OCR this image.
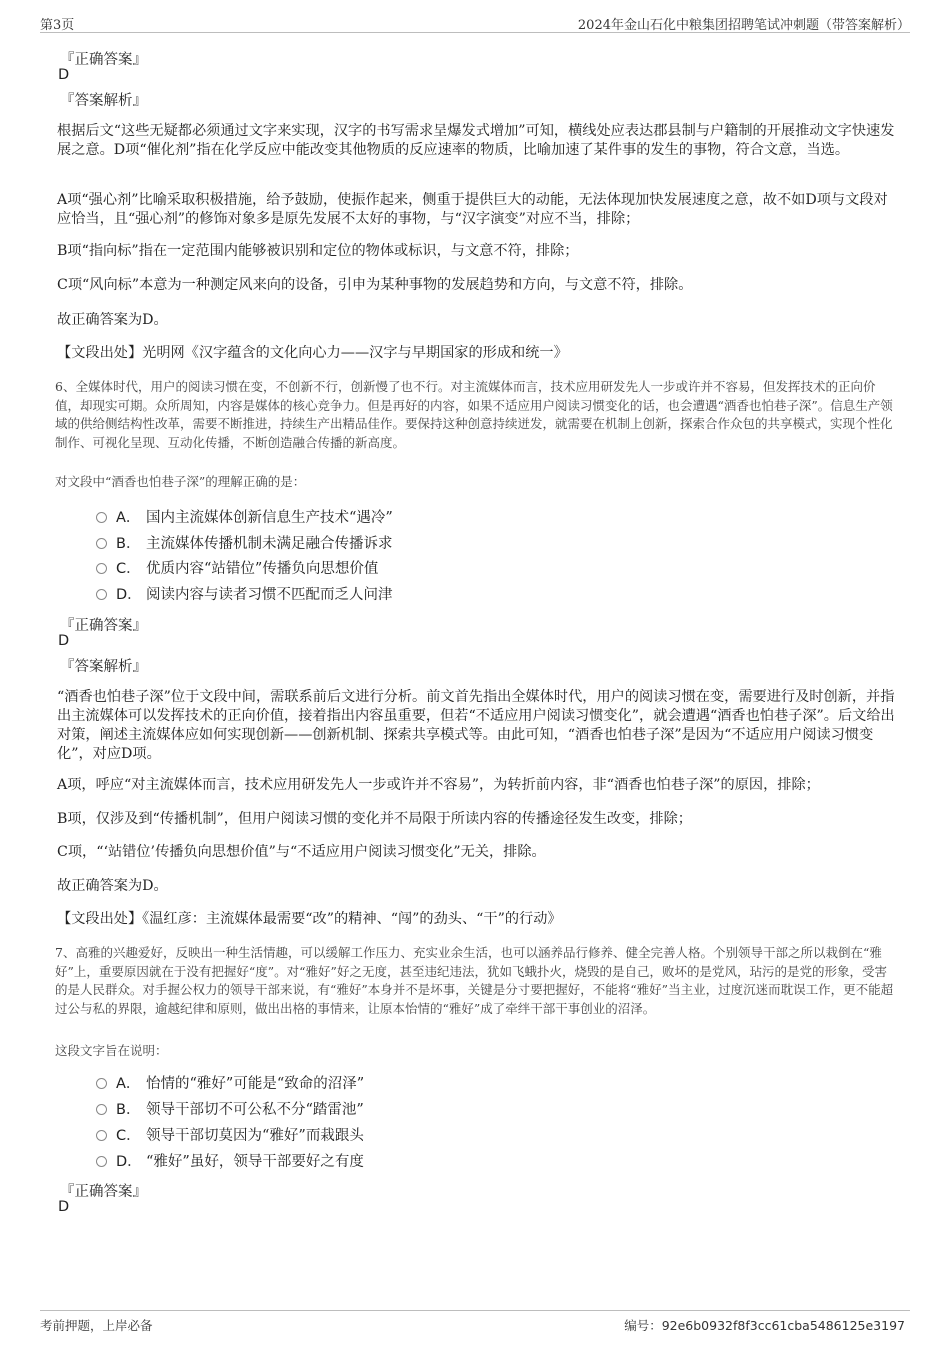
第3页	2024年金山石化中粮集团招聘笔试冲刺题（带答案解析）
『正确答案』
D
『答案解析』
根据后文“这些无疑都必须通过文字来实现，汉字的书写需求呈爆发式增加”可知，横线处应表达郡县制与户籍制的开展推动文字快速发展之意。D项“催化剂”指在化学反应中能改变其他物质的反应速率的物质，比喻加速了某件事的发生的事物，符合文意，当选。
A项“强心剂”比喻采取积极措施，给予鼓励，使振作起来，侧重于提供巨大的动能，无法体现加快发展速度之意，故不如D项与文段对应恰当，且“强心剂”的修饰对象多是原先发展不太好的事物，与“汉字演变”对应不当，排除；
B项“指向标”指在一定范围内能够被识别和定位的物体或标识，与文意不符，排除；
C项“风向标”本意为一种测定风来向的设备，引申为某种事物的发展趋势和方向，与文意不符，排除。
故正确答案为D。
【文段出处】光明网《汉字蕴含的文化向心力——汉字与早期国家的形成和统一》
6、全媒体时代，用户的阅读习惯在变，不创新不行，创新慢了也不行。对主流媒体而言，技术应用研发先人一步或许并不容易，但发挥技术的正向价值，却现实可期。众所周知，内容是媒体的核心竞争力。但是再好的内容，如果不适应用户阅读习惯变化的话，也会遭遇“酒香也怕巷子深”。信息生产领域的供给侧结构性改革，需要不断推进，持续生产出精品佳作。要保持这种创意持续迸发，就需要在机制上创新，探索合作众包的共享模式，实现个性化制作、可视化呈现、互动化传播，不断创造融合传播的新高度。
对文段中“酒香也怕巷子深”的理解正确的是：
A． 国内主流媒体创新信息生产技术“遇冷”
B． 主流媒体传播机制未满足融合传播诉求
C． 优质内容“站错位”传播负向思想价值
D． 阅读内容与读者习惯不匹配而乏人问津
『正确答案』
D
『答案解析』
“酒香也怕巷子深”位于文段中间，需联系前后文进行分析。前文首先指出全媒体时代，用户的阅读习惯在变，需要进行及时创新，并指出主流媒体可以发挥技术的正向价值，接着指出内容虽重要，但若“不适应用户阅读习惯变化”，就会遭遇“酒香也怕巷子深”。后文给出对策，阐述主流媒体应如何实现创新——创新机制、探索共享模式等。由此可知，“酒香也怕巷子深”是因为“不适应用户阅读习惯变化”，对应D项。
A项，呼应“对主流媒体而言，技术应用研发先人一步或许并不容易”，为转折前内容，非“酒香也怕巷子深”的原因，排除；
B项，仅涉及到“传播机制”，但用户阅读习惯的变化并不局限于所读内容的传播途径发生改变，排除；
C项，“‘站错位’传播负向思想价值”与“不适应用户阅读习惯变化”无关，排除。
故正确答案为D。
【文段出处】《温红彦：主流媒体最需要“改”的精神、“闯”的劲头、“干”的行动》
7、高雅的兴趣爱好，反映出一种生活情趣，可以缓解工作压力、充实业余生活，也可以涵养品行修养、健全完善人格。个别领导干部之所以栽倒在“雅好”上，重要原因就在于没有把握好“度”。对“雅好”好之无度，甚至违纪违法，犹如飞蛾扑火，烧毁的是自己，败坏的是党风，玷污的是党的形象，受害的是人民群众。对手握公权力的领导干部来说，有“雅好”本身并不是坏事，关键是分寸要把握好，不能将“雅好”当主业，过度沉迷而耽误工作，更不能超过公与私的界限，逾越纪律和原则，做出出格的事情来，让原本怡情的“雅好”成了牵绊干部干事创业的沼泽。
这段文字旨在说明：
A． 怡情的“雅好”可能是“致命的沼泽”
B． 领导干部切不可公私不分“踏雷池”
C． 领导干部切莫因为“雅好”而栽跟头
D． “雅好”虽好，领导干部要好之有度
『正确答案』
D
考前押题，上岸必备	编号：92e6b0932f8f3cc61cba5486125e3197
